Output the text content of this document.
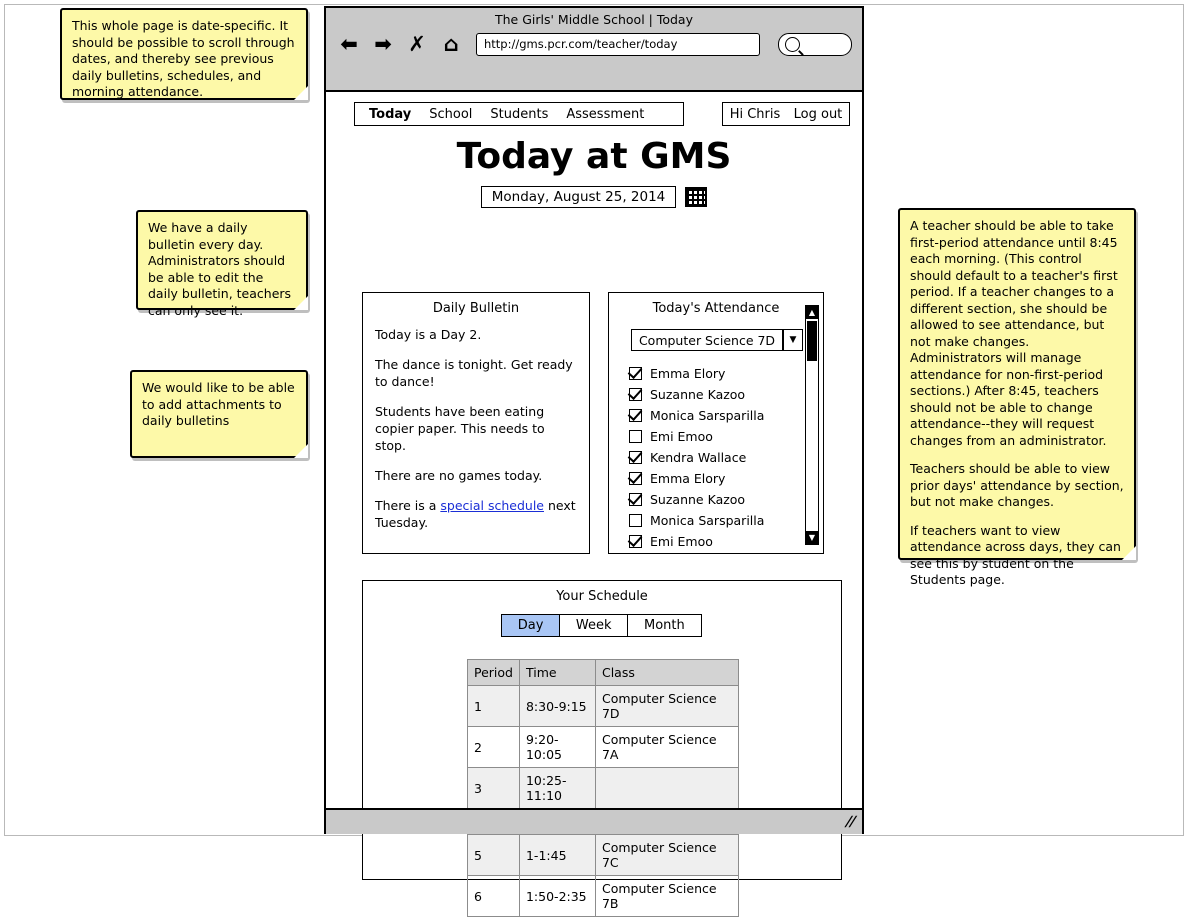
This whole page is date-specific. It should be possible to scroll through dates, and thereby see previous daily bulletins, schedules, and morning attendance.

We have a daily bulletin every day. Administrators should be able to edit the daily bulletin, teachers can only see it.

We would like to be able to add attachments to daily bulletins

A teacher should be able to take first-period attendance until 8:45 each morning. (This control should default to a teacher's first period. If a teacher changes to a different section, she should be allowed to see attendance, but not make changes. Administrators will manage attendance for non-first-period sections.) After 8:45, teachers should not be able to change attendance--they will request changes from an administrator.

Teachers should be able to view prior days' attendance by section, but not make changes.

If teachers want to view attendance across days, they can see this by student on the Students page.

The Girls' Middle School | Today
⬅ ➡ ✗ ⌂	http://gms.pcr.com/teacher/today
Today School Students Assessment	Hi Chris Log out
Today at GMS
Monday, August 25, 2014
Daily Bulletin

Today is a Day 2.

The dance is tonight. Get ready to dance!

Students have been eating copier paper. This needs to stop.

There are no games today.

There is a special schedule next Tuesday.

Today's Attendance
Computer Science 7D	▼
Emma Elory
Suzanne Kazoo
Monica Sarsparilla
Emi Emoo
Kendra Wallace
Emma Elory
Suzanne Kazoo
Monica Sarsparilla
Emi Emoo
▲
▼
Your Schedule
Day	Week	Month
Period	Time	Class
1	8:30-9:15	Computer Science 7D
2	9:20-10:05	Computer Science 7A
3	10:25-11:10	

5	1-1:45	Computer Science 7C
6	1:50-2:35	Computer Science 7B
//
